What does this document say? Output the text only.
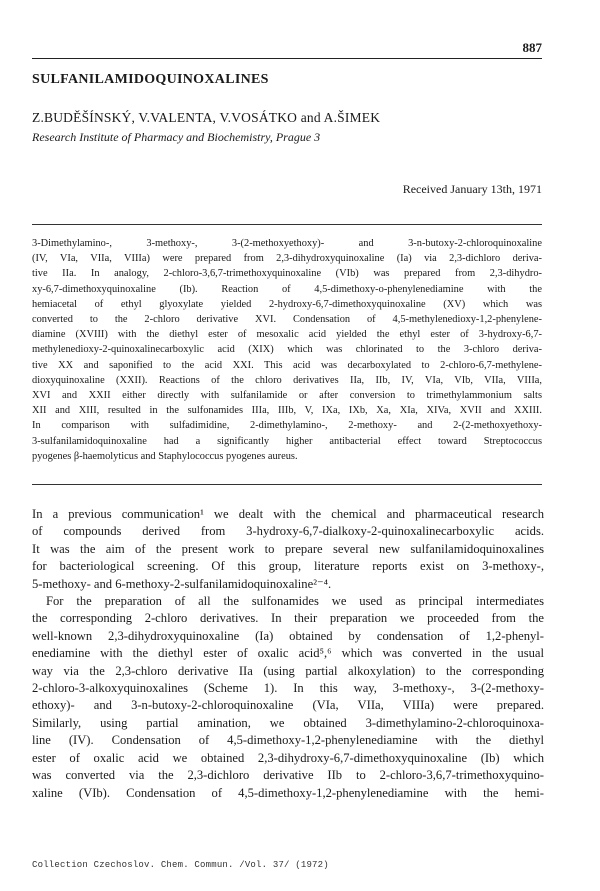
887
SULFANILAMIDOQUINOXALINES
Z.BUDĚŠÍNSKÝ, V.VALENTA, V.VOSÁTKO and A.ŠIMEK
Research Institute of Pharmacy and Biochemistry, Prague 3
Received January 13th, 1971
3-Dimethylamino-, 3-methoxy-, 3-(2-methoxyethoxy)- and 3-n-butoxy-2-chloroquinoxaline
(IV, VIa, VIIa, VIIIa) were prepared from 2,3-dihydroxyquinoxaline (Ia) via 2,3-dichloro deriva-
tive IIa. In analogy, 2-chloro-3,6,7-trimethoxyquinoxaline (VIb) was prepared from 2,3-dihydro-
xy-6,7-dimethoxyquinoxaline (Ib). Reaction of 4,5-dimethoxy-o-phenylenediamine with the
hemiacetal of ethyl glyoxylate yielded 2-hydroxy-6,7-dimethoxyquinoxaline (XV) which was
converted to the 2-chloro derivative XVI. Condensation of 4,5-methylenedioxy-1,2-phenylene-
diamine (XVIII) with the diethyl ester of mesoxalic acid yielded the ethyl ester of 3-hydroxy-6,7-
methylenedioxy-2-quinoxalinecarboxylic acid (XIX) which was chlorinated to the 3-chloro deriva-
tive XX and saponified to the acid XXI. This acid was decarboxylated to 2-chloro-6,7-methylene-
dioxyquinoxaline (XXII). Reactions of the chloro derivatives IIa, IIb, IV, VIa, VIb, VIIa, VIIIa,
XVI and XXII either directly with sulfanilamide or after conversion to trimethylammonium salts
XII and XIII, resulted in the sulfonamides IIIa, IIIb, V, IXa, IXb, Xa, XIa, XIVa, XVII and XXIII.
In comparison with sulfadimidine, 2-dimethylamino-, 2-methoxy- and 2-(2-methoxyethoxy-
3-sulfanilamidoquinoxaline had a significantly higher antibacterial effect toward Streptococcus
pyogenes β-haemolyticus and Staphylococcus pyogenes aureus.
In a previous communication¹ we dealt with the chemical and pharmaceutical research
of compounds derived from 3-hydroxy-6,7-dialkoxy-2-quinoxalinecarboxylic acids.
It was the aim of the present work to prepare several new sulfanilamidoquinoxalines
for bacteriological screening. Of this group, literature reports exist on 3-methoxy-,
5-methoxy- and 6-methoxy-2-sulfanilamidoquinoxaline²⁻⁴.
For the preparation of all the sulfonamides we used as principal intermediates
the corresponding 2-chloro derivatives. In their preparation we proceeded from the
well-known 2,3-dihydroxyquinoxaline (Ia) obtained by condensation of 1,2-phenyl-
enediamine with the diethyl ester of oxalic acid⁵,⁶ which was converted in the usual
way via the 2,3-chloro derivative IIa (using partial alkoxylation) to the corresponding
2-chloro-3-alkoxyquinoxalines (Scheme 1). In this way, 3-methoxy-, 3-(2-methoxy-
ethoxy)- and 3-n-butoxy-2-chloroquinoxaline (VIa, VIIa, VIIIa) were prepared.
Similarly, using partial amination, we obtained 3-dimethylamino-2-chloroquinoxa-
line (IV). Condensation of 4,5-dimethoxy-1,2-phenylenediamine with the diethyl
ester of oxalic acid we obtained 2,3-dihydroxy-6,7-dimethoxyquinoxaline (Ib) which
was converted via the 2,3-dichloro derivative IIb to 2-chloro-3,6,7-trimethoxyquino-
xaline (VIb). Condensation of 4,5-dimethoxy-1,2-phenylenediamine with the hemi-
Collection Czechoslov. Chem. Commun. /Vol. 37/ (1972)
